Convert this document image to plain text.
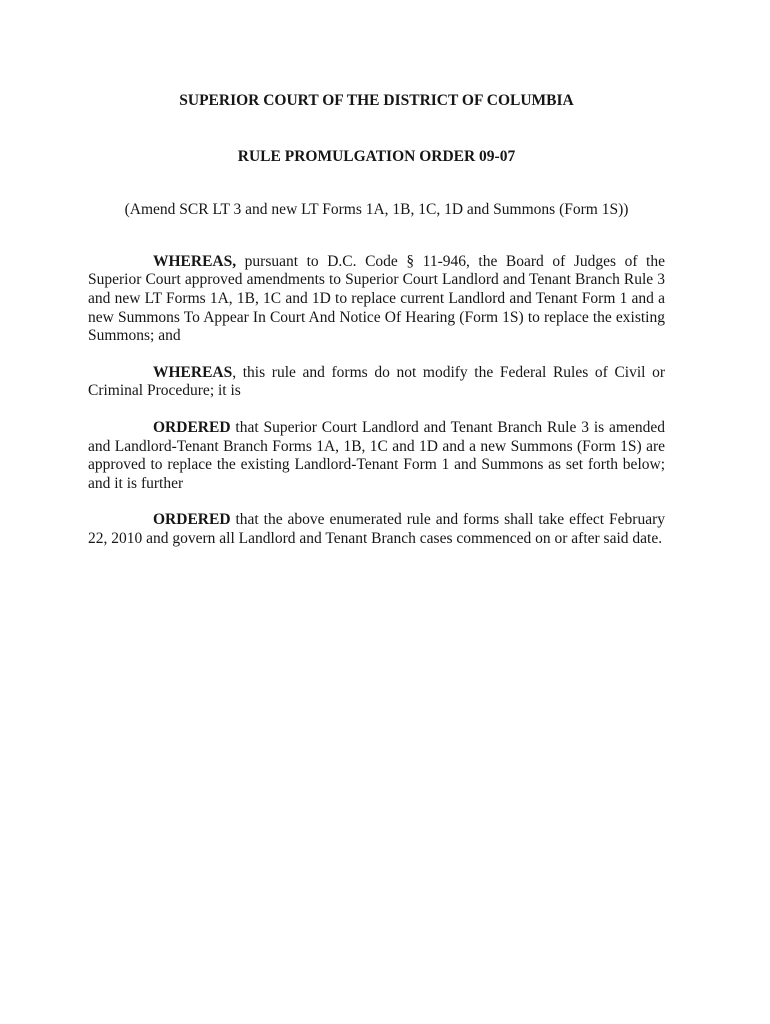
SUPERIOR COURT OF THE DISTRICT OF COLUMBIA
RULE PROMULGATION ORDER 09-07

(Amend SCR LT 3 and new LT Forms 1A, 1B, 1C, 1D and Summons (Form 1S))

WHEREAS, pursuant to D.C. Code § 11-946, the Board of Judges of the Superior Court approved amendments to Superior Court Landlord and Tenant Branch Rule 3 and new LT Forms 1A, 1B, 1C and 1D to replace current Landlord and Tenant Form 1 and a new Summons To Appear In Court And Notice Of Hearing (Form 1S) to replace the existing Summons; and

WHEREAS, this rule and forms do not modify the Federal Rules of Civil or Criminal Procedure; it is

ORDERED that Superior Court Landlord and Tenant Branch Rule 3 is amended and Landlord-Tenant Branch Forms 1A, 1B, 1C and 1D and a new Summons (Form 1S) are approved to replace the existing Landlord-Tenant Form 1 and Summons as set forth below; and it is further

ORDERED that the above enumerated rule and forms shall take effect February 22, 2010 and govern all Landlord and Tenant Branch cases commenced on or after said date.
